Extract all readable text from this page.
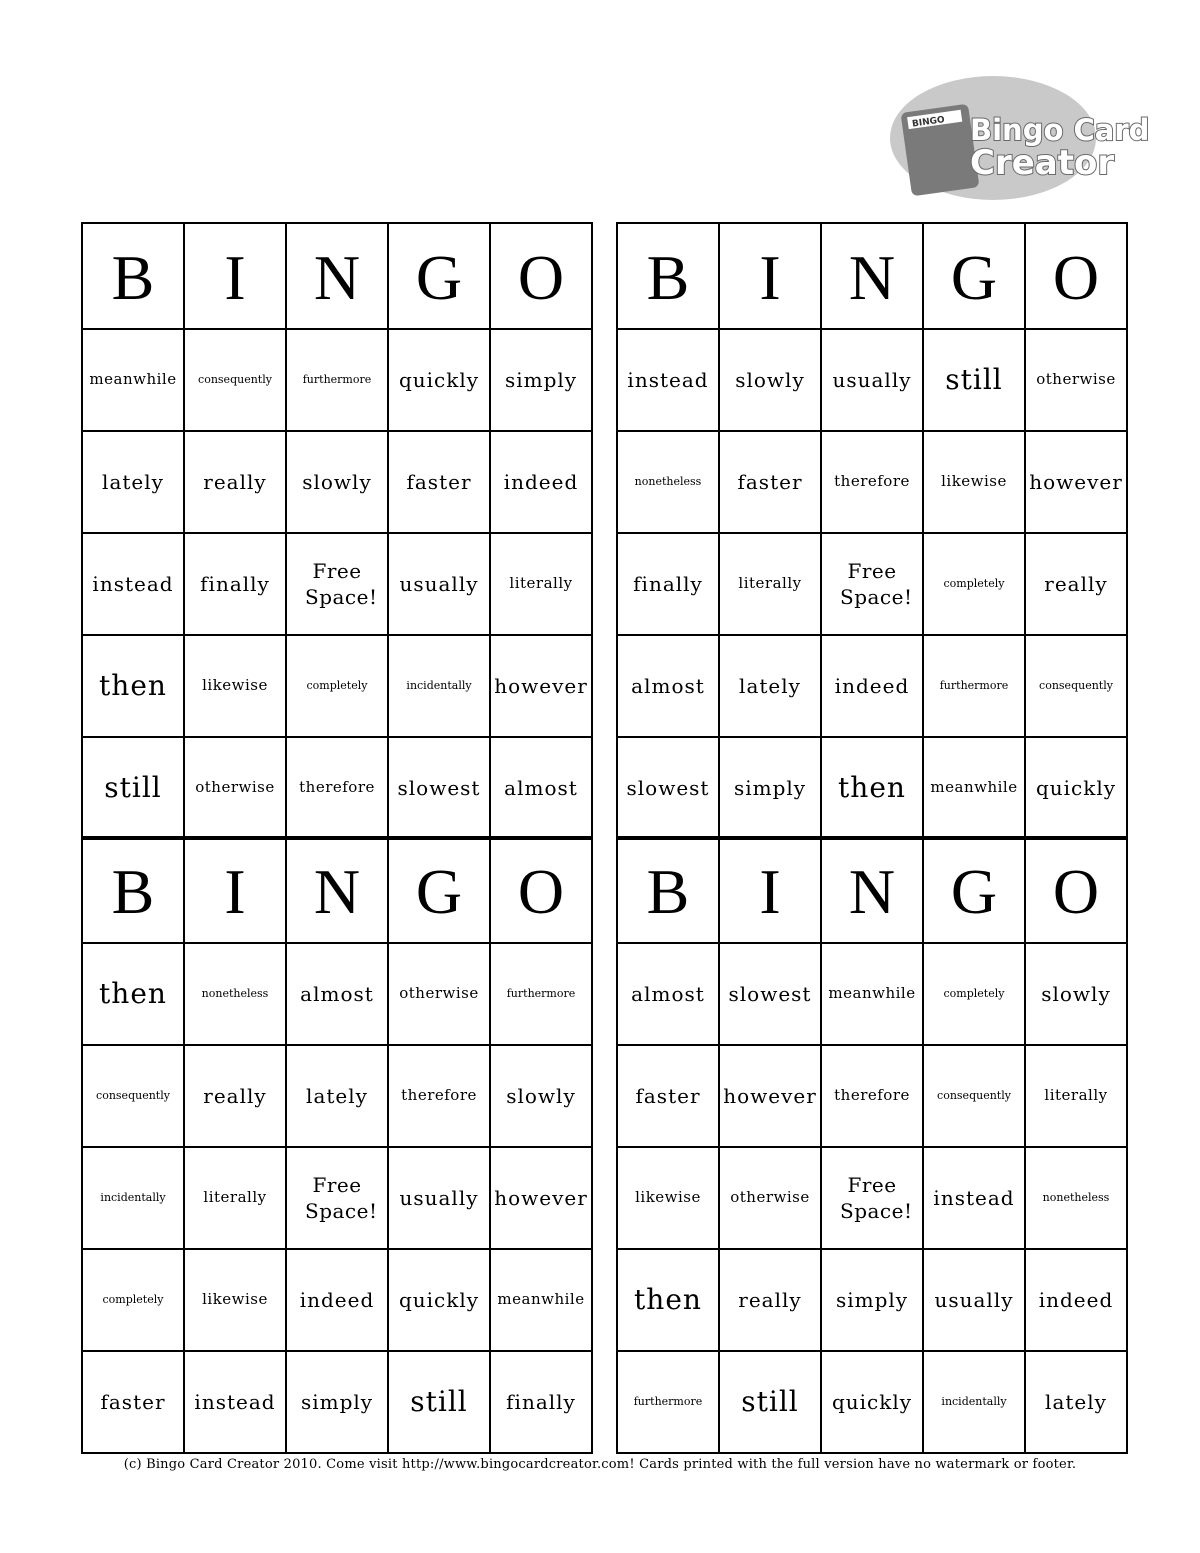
BINGO Bingo Card
Creator
B	I	N	G	O
meanwhile	consequently	furthermore	quickly	simply
lately	really	slowly	faster	indeed
instead	finally	Free Space!	usually	literally
then	likewise	completely	incidentally	however
still	otherwise	therefore	slowest	almost
B	I	N	G	O
instead	slowly	usually	still	otherwise
nonetheless	faster	therefore	likewise	however
finally	literally	Free Space!	completely	really
almost	lately	indeed	furthermore	consequently
slowest	simply	then	meanwhile	quickly
B	I	N	G	O
then	nonetheless	almost	otherwise	furthermore
consequently	really	lately	therefore	slowly
incidentally	literally	Free Space!	usually	however
completely	likewise	indeed	quickly	meanwhile
faster	instead	simply	still	finally
B	I	N	G	O
almost	slowest	meanwhile	completely	slowly
faster	however	therefore	consequently	literally
likewise	otherwise	Free Space!	instead	nonetheless
then	really	simply	usually	indeed
furthermore	still	quickly	incidentally	lately
(c) Bingo Card Creator 2010. Come visit http://www.bingocardcreator.com! Cards printed with the full version have no watermark or footer.
